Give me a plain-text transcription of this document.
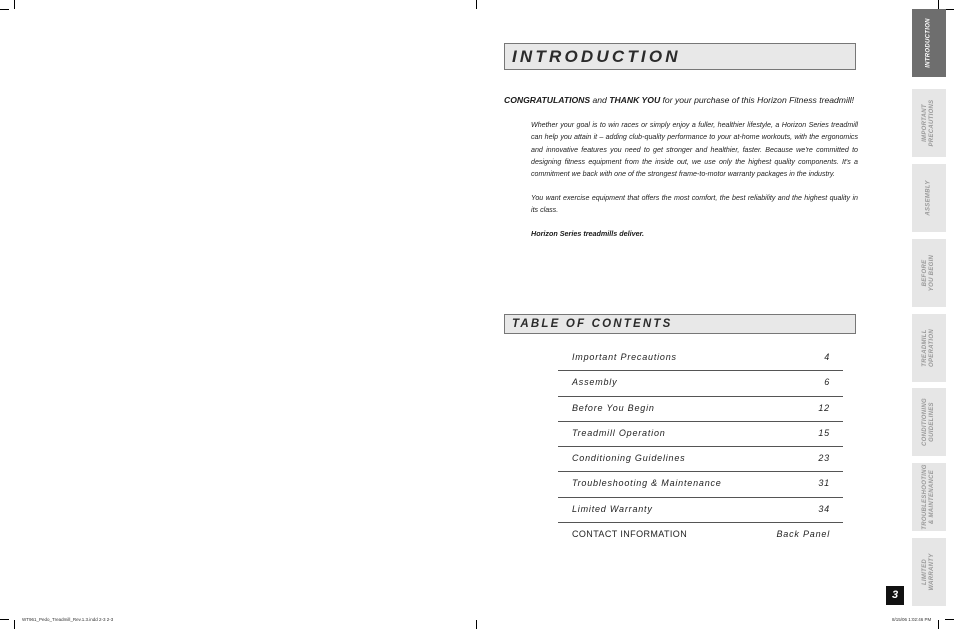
INTRODUCTION
CONGRATULATIONS and THANK YOU for your purchase of this Horizon Fitness treadmill!
Whether your goal is to win races or simply enjoy a fuller, healthier lifestyle, a Horizon Series treadmill can help you attain it – adding club-quality performance to your at-home workouts, with the ergonomics and innovative features you need to get stronger and healthier, faster. Because we're committed to designing fitness equipment from the inside out, we use only the highest quality components. It's a commitment we back with one of the strongest frame-to-motor warranty packages in the industry.
You want exercise equipment that offers the most comfort, the best reliability and the highest quality in its class.
Horizon Series treadmills deliver.
TABLE OF CONTENTS
Important Precautions	4
Assembly	6
Before You Begin	12
Treadmill Operation	15
Conditioning Guidelines	23
Troubleshooting & Maintenance	31
Limited Warranty	34
CONTACT INFORMATION	Back Panel
INTRODUCTION
IMPORTANT
PRECAUTIONS
ASSEMBLY
BEFORE
YOU BEGIN
TREADMILL
OPERATION
CONDITIONING
GUIDELINES
TROUBLESHOOTING
& MAINTENANCE
LIMITED
WARRANTY
3
WT961_Pedo_Treadmill_Rev.1.3.indd 2-3 2-3	8/15/06 1:02:46 PM
